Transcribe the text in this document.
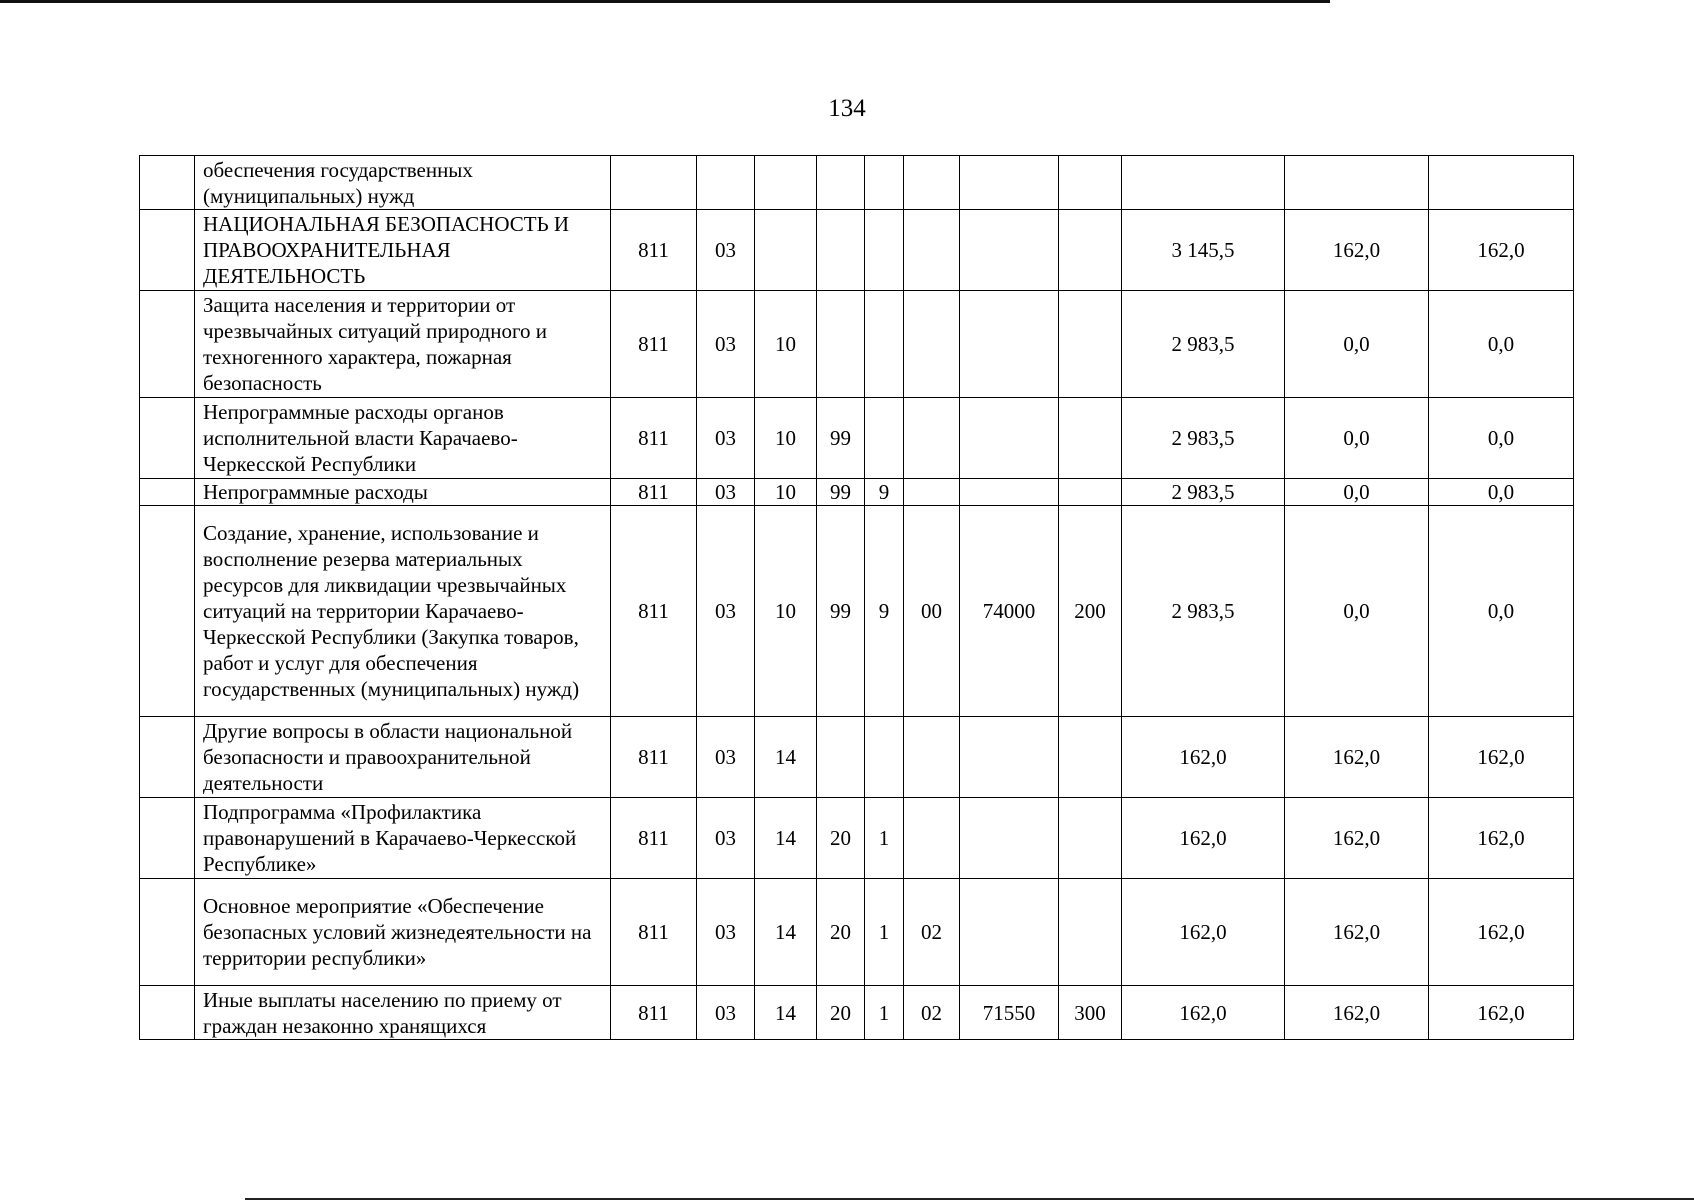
134
	обеспечения государственных (муниципальных) нужд											
	НАЦИОНАЛЬНАЯ БЕЗОПАСНОСТЬ И ПРАВООХРАНИТЕЛЬНАЯ ДЕЯТЕЛЬНОСТЬ	811	03							3 145,5	162,0	162,0
	Защита населения и территории от чрезвычайных ситуаций природного и техногенного характера, пожарная безопасность	811	03	10						2 983,5	0,0	0,0
	Непрограммные расходы органов исполнительной власти Карачаево-Черкесской Республики	811	03	10	99					2 983,5	0,0	0,0
	Непрограммные расходы	811	03	10	99	9				2 983,5	0,0	0,0
	Создание, хранение, использование и восполнение резерва материальных ресурсов для ликвидации чрезвычайных ситуаций на территории Карачаево-Черкесской Республики (Закупка товаров, работ и услуг для обеспечения государственных (муниципальных) нужд)	811	03	10	99	9	00	74000	200	2 983,5	0,0	0,0
	Другие вопросы в области национальной безопасности и правоохранительной деятельности	811	03	14						162,0	162,0	162,0
	Подпрограмма «Профилактика правонарушений в Карачаево-Черкесской Республике»	811	03	14	20	1				162,0	162,0	162,0
	Основное мероприятие «Обеспечение безопасных условий жизнедеятельности на территории республики»	811	03	14	20	1	02			162,0	162,0	162,0
	Иные выплаты населению по приему от граждан незаконно хранящихся	811	03	14	20	1	02	71550	300	162,0	162,0	162,0
